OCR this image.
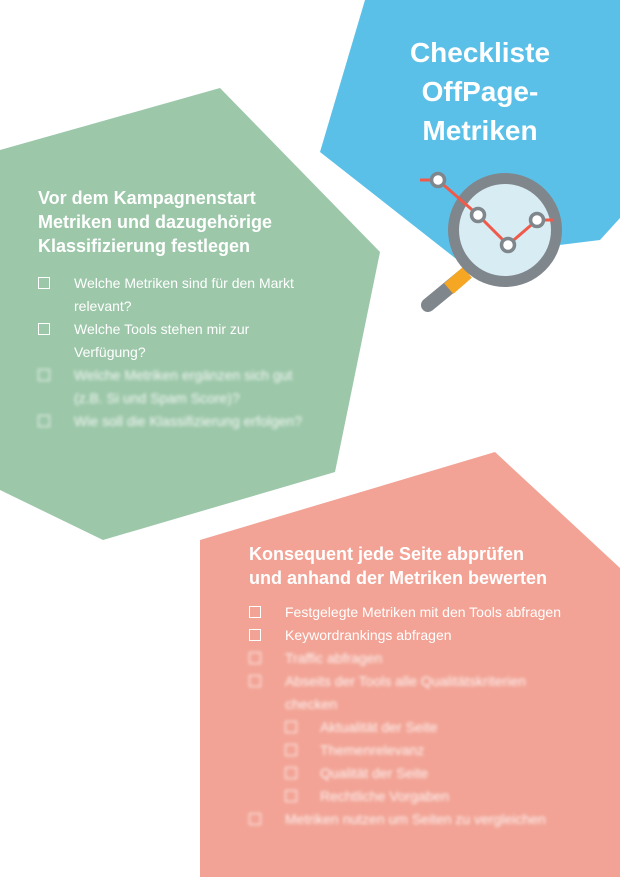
Checkliste
OffPage-
Metriken
Vor dem Kampagnenstart
Metriken und dazugehörige
Klassifizierung festlegen
Welche Metriken sind für den Markt
relevant?
Welche Tools stehen mir zur
Verfügung?
Welche Metriken ergänzen sich gut
(z.B. Si und Spam Score)?
Wie soll die Klassifizierung erfolgen?
Konsequent jede Seite abprüfen
und anhand der Metriken bewerten
Festgelegte Metriken mit den Tools abfragen
Keywordrankings abfragen
Traffic abfragen
Abseits der Tools alle Qualitätskriterien
checken
Aktualität der Seite
Themenrelevanz
Qualität der Seite
Rechtliche Vorgaben
Metriken nutzen um Seiten zu vergleichen
